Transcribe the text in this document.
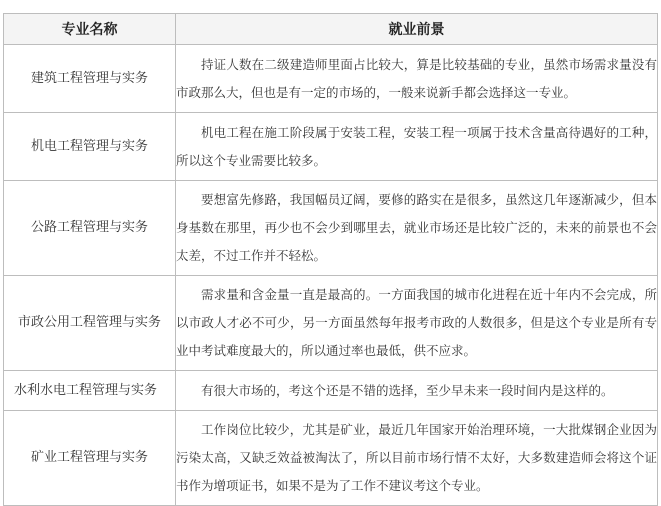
专业名称	就业前景
建筑工程管理与实务	持证人数在二级建造师里面占比较大，算是比较基础的专业，虽然市场需求量没有市政那么大，但也是有一定的市场的，一般来说新手都会选择这一专业。
机电工程管理与实务	机电工程在施工阶段属于安装工程，安装工程一项属于技术含量高待遇好的工种，所以这个专业需要比较多。
公路工程管理与实务	要想富先修路，我国幅员辽阔，要修的路实在是很多，虽然这几年逐渐减少，但本身基数在那里，再少也不会少到哪里去，就业市场还是比较广泛的，未来的前景也不会太差，不过工作并不轻松。
市政公用工程管理与实务	需求量和含金量一直是最高的。一方面我国的城市化进程在近十年内不会完成，所以市政人才必不可少，另一方面虽然每年报考市政的人数很多，但是这个专业是所有专业中考试难度最大的，所以通过率也最低，供不应求。
水利水电工程管理与实务	有很大市场的，考这个还是不错的选择，至少早未来一段时间内是这样的。
矿业工程管理与实务	工作岗位比较少，尤其是矿业，最近几年国家开始治理环境，一大批煤钢企业因为污染太高，又缺乏效益被淘汰了，所以目前市场行情不太好，大多数建造师会将这个证书作为增项证书，如果不是为了工作不建议考这个专业。
